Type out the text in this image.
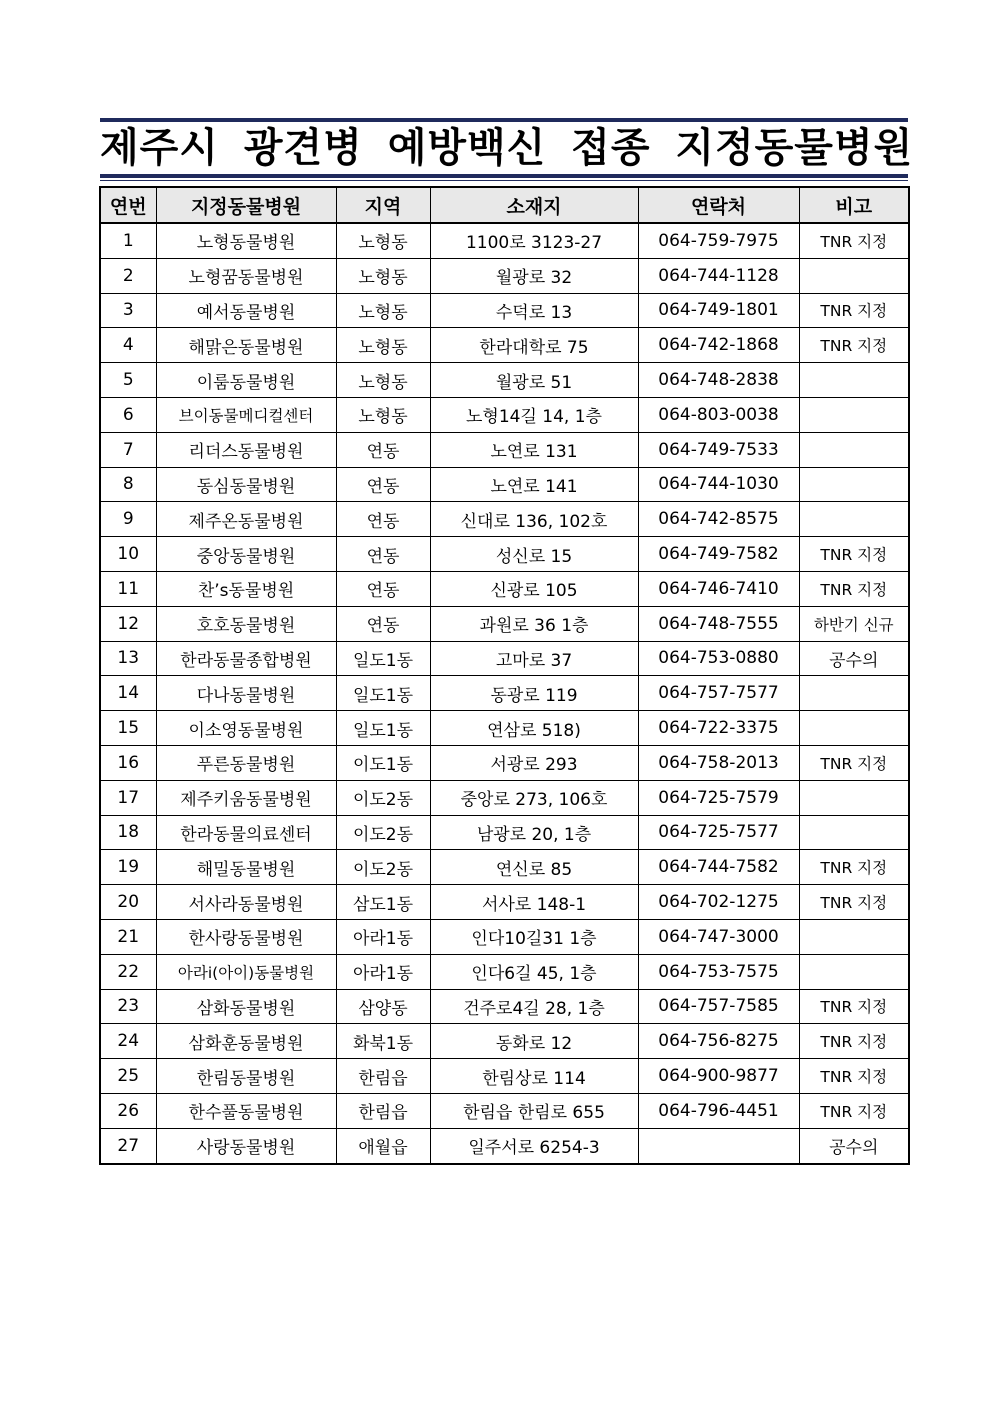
제주시 광견병 예방백신 접종 지정동물병원
연번	지정동물병원	지역	소재지	연락처	비고
1	노형동물병원	노형동	1100로 3123-27	064-759-7975	TNR 지정
2	노형꿈동물병원	노형동	월광로 32	064-744-1128	
3	예서동물병원	노형동	수덕로 13	064-749-1801	TNR 지정
4	해맑은동물병원	노형동	한라대학로 75	064-742-1868	TNR 지정
5	이룸동물병원	노형동	월광로 51	064-748-2838	
6	브이동물메디컬센터	노형동	노형14길 14, 1층	064-803-0038	
7	리더스동물병원	연동	노연로 131	064-749-7533	
8	동심동물병원	연동	노연로 141	064-744-1030	
9	제주온동물병원	연동	신대로 136, 102호	064-742-8575	
10	중앙동물병원	연동	성신로 15	064-749-7582	TNR 지정
11	찬’s동물병원	연동	신광로 105	064-746-7410	TNR 지정
12	호호동물병원	연동	과원로 36 1층	064-748-7555	하반기 신규
13	한라동물종합병원	일도1동	고마로 37	064-753-0880	공수의
14	다나동물병원	일도1동	동광로 119	064-757-7577	
15	이소영동물병원	일도1동	연삼로 518)	064-722-3375	
16	푸른동물병원	이도1동	서광로 293	064-758-2013	TNR 지정
17	제주키움동물병원	이도2동	중앙로 273, 106호	064-725-7579	
18	한라동물의료센터	이도2동	남광로 20, 1층	064-725-7577	
19	해밀동물병원	이도2동	연신로 85	064-744-7582	TNR 지정
20	서사라동물병원	삼도1동	서사로 148-1	064-702-1275	TNR 지정
21	한사랑동물병원	아라1동	인다10길31 1층	064-747-3000	
22	아라i(아이)동물병원	아라1동	인다6길 45, 1층	064-753-7575	
23	삼화동물병원	삼양동	건주로4길 28, 1층	064-757-7585	TNR 지정
24	삼화훈동물병원	화북1동	동화로 12	064-756-8275	TNR 지정
25	한림동물병원	한림읍	한림상로 114	064-900-9877	TNR 지정
26	한수풀동물병원	한림읍	한림읍 한림로 655	064-796-4451	TNR 지정
27	사랑동물병원	애월읍	일주서로 6254-3		공수의
